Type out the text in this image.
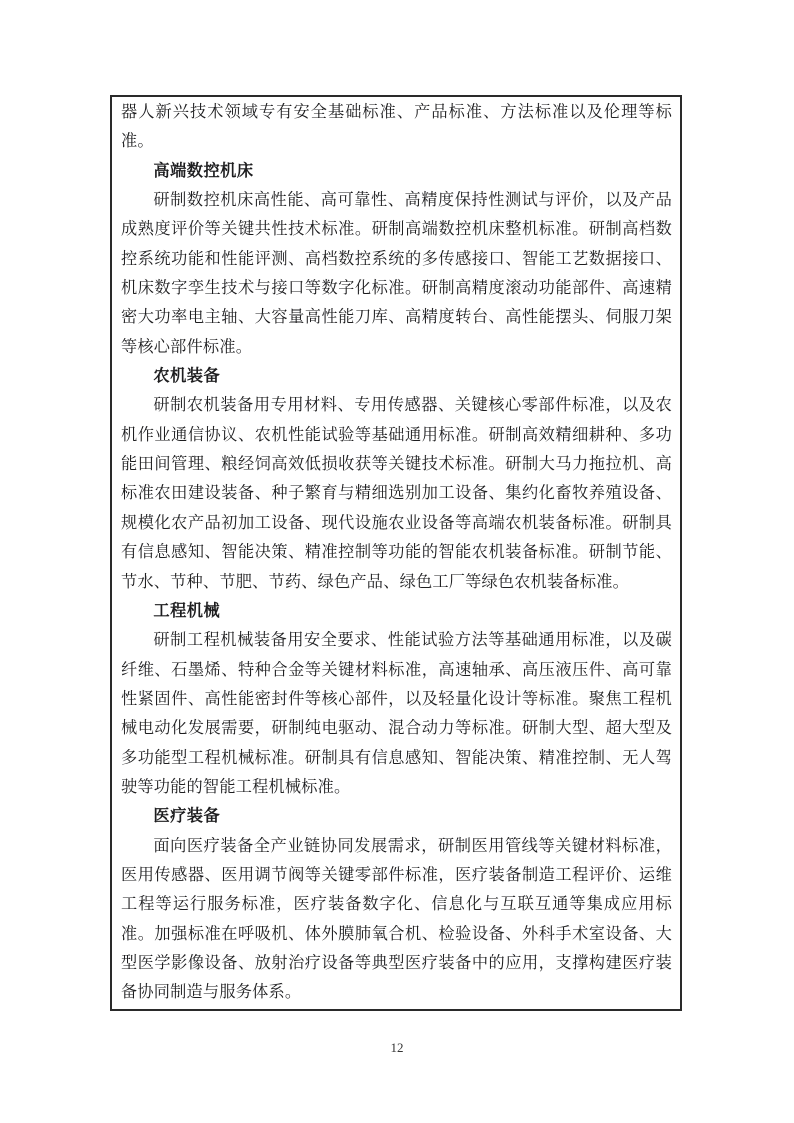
器人新兴技术领域专有安全基础标准、产品标准、方法标准以及伦理等标准。

高端数控机床

研制数控机床高性能、高可靠性、高精度保持性测试与评价，以及产品成熟度评价等关键共性技术标准。研制高端数控机床整机标准。研制高档数控系统功能和性能评测、高档数控系统的多传感接口、智能工艺数据接口、机床数字孪生技术与接口等数字化标准。研制高精度滚动功能部件、高速精密大功率电主轴、大容量高性能刀库、高精度转台、高性能摆头、伺服刀架等核心部件标准。

农机装备

研制农机装备用专用材料、专用传感器、关键核心零部件标准，以及农机作业通信协议、农机性能试验等基础通用标准。研制高效精细耕种、多功能田间管理、粮经饲高效低损收获等关键技术标准。研制大马力拖拉机、高标准农田建设装备、种子繁育与精细选别加工设备、集约化畜牧养殖设备、规模化农产品初加工设备、现代设施农业设备等高端农机装备标准。研制具有信息感知、智能决策、精准控制等功能的智能农机装备标准。研制节能、节水、节种、节肥、节药、绿色产品、绿色工厂等绿色农机装备标准。

工程机械

研制工程机械装备用安全要求、性能试验方法等基础通用标准，以及碳纤维、石墨烯、特种合金等关键材料标准，高速轴承、高压液压件、高可靠性紧固件、高性能密封件等核心部件，以及轻量化设计等标准。聚焦工程机械电动化发展需要，研制纯电驱动、混合动力等标准。研制大型、超大型及多功能型工程机械标准。研制具有信息感知、智能决策、精准控制、无人驾驶等功能的智能工程机械标准。

医疗装备

面向医疗装备全产业链协同发展需求，研制医用管线等关键材料标准，医用传感器、医用调节阀等关键零部件标准，医疗装备制造工程评价、运维工程等运行服务标准，医疗装备数字化、信息化与互联互通等集成应用标准。加强标准在呼吸机、体外膜肺氧合机、检验设备、外科手术室设备、大型医学影像设备、放射治疗设备等典型医疗装备中的应用，支撑构建医疗装备协同制造与服务体系。

12
